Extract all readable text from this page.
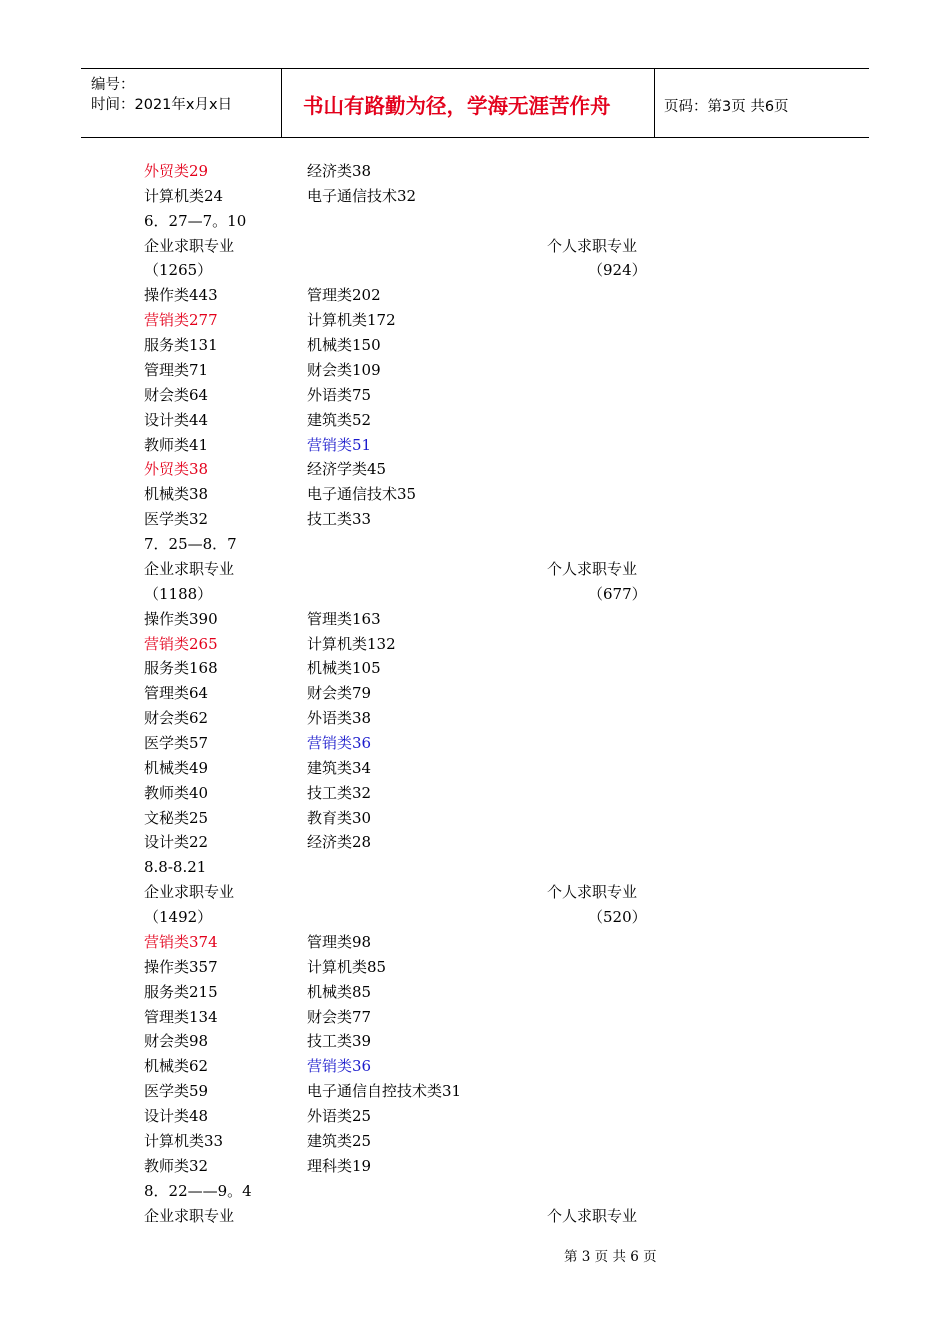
编号：
时间：2021年x月x日	书山有路勤为径，学海无涯苦作舟	页码：第3页 共6页
外贸类29	经济类38
计算机类24	电子通信技术32
6．27—7。10
企业求职专业	个人求职专业
（1265）	（924）
操作类443	管理类202
营销类277	计算机类172
服务类131	机械类150
管理类71	财会类109
财会类64	外语类75
设计类44	建筑类52
教师类41	营销类51
外贸类38	经济学类45
机械类38	电子通信技术35
医学类32	技工类33
7．25—8．7
企业求职专业	个人求职专业
（1188）	（677）
操作类390	管理类163
营销类265	计算机类132
服务类168	机械类105
管理类64	财会类79
财会类62	外语类38
医学类57	营销类36
机械类49	建筑类34
教师类40	技工类32
文秘类25	教育类30
设计类22	经济类28
8.8-8.21
企业求职专业	个人求职专业
（1492）	（520）
营销类374	管理类98
操作类357	计算机类85
服务类215	机械类85
管理类134	财会类77
财会类98	技工类39
机械类62	营销类36
医学类59	电子通信自控技术类31
设计类48	外语类25
计算机类33	建筑类25
教师类32	理科类19
8．22——9。4
企业求职专业	个人求职专业
第 3 页 共 6 页
